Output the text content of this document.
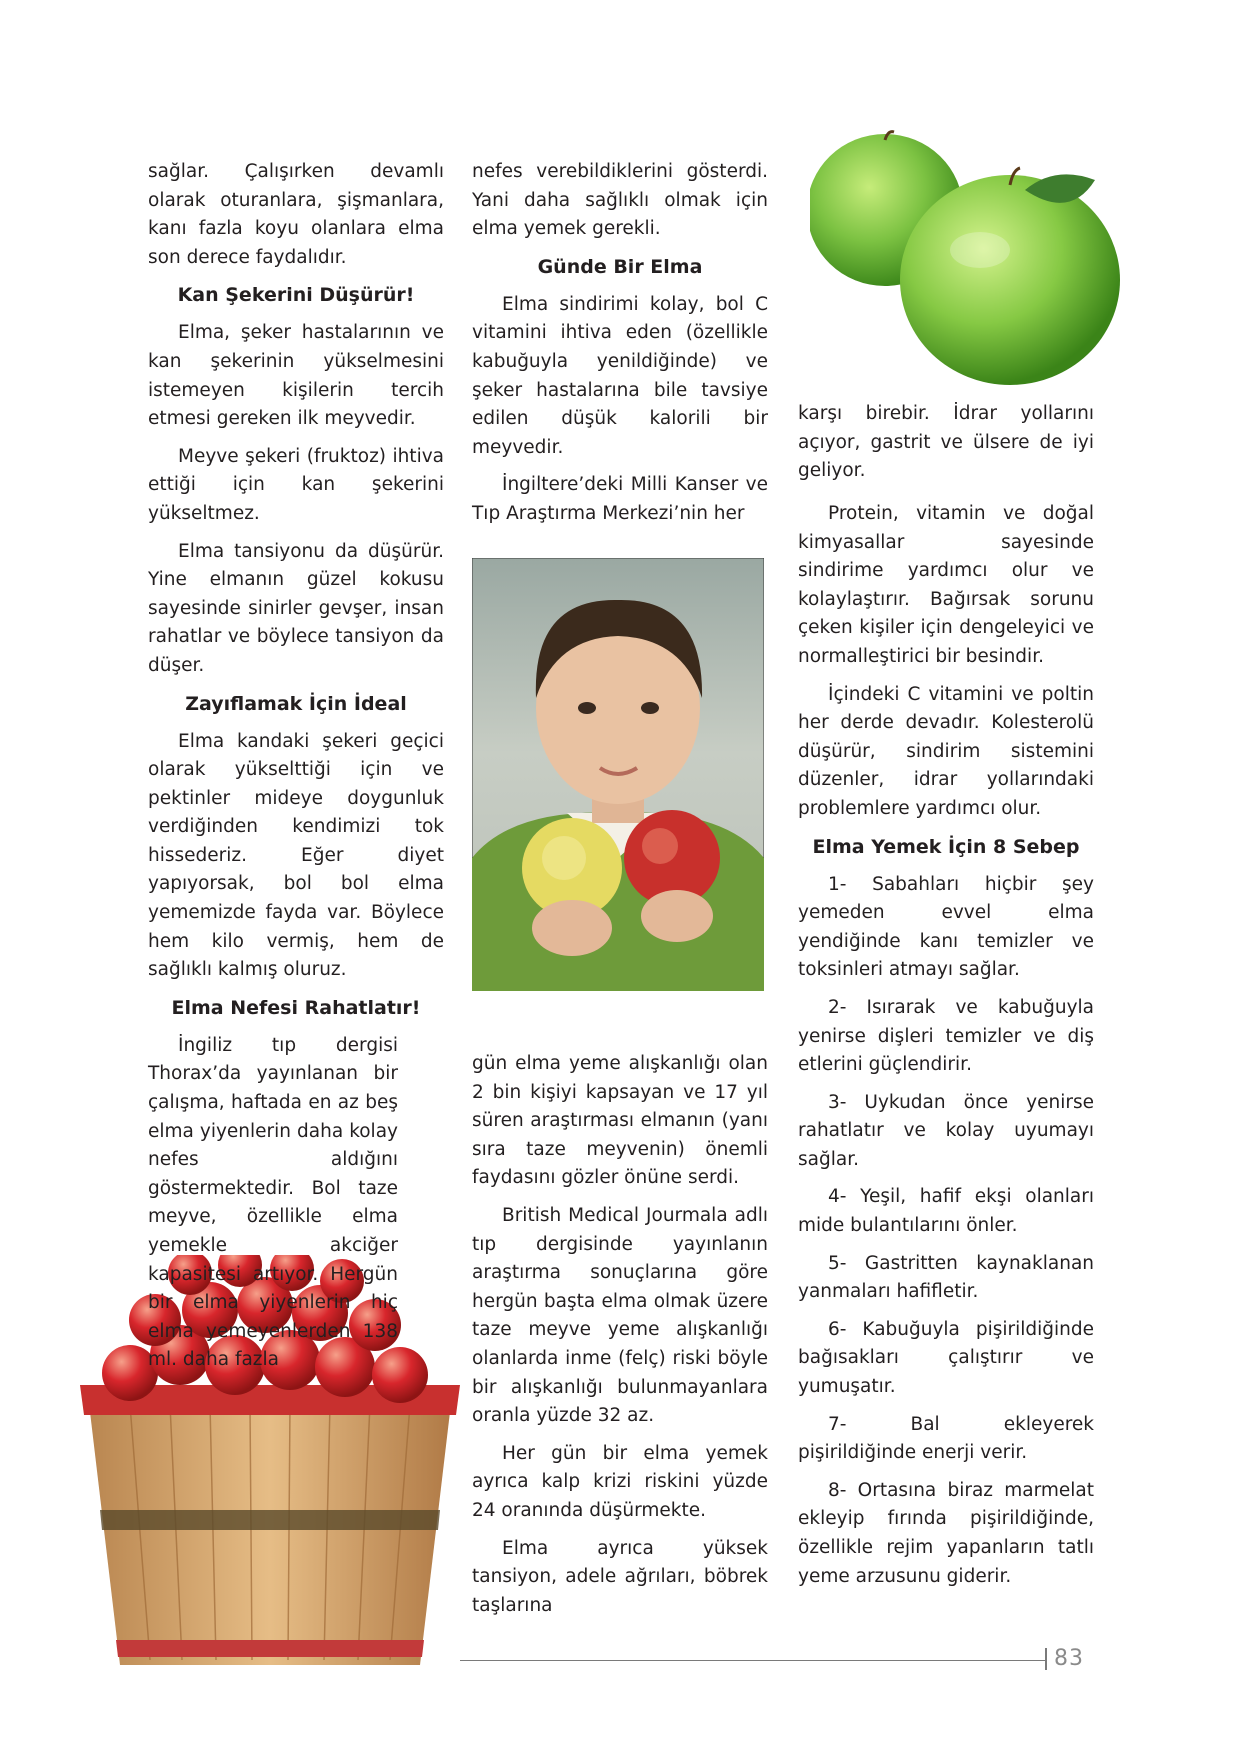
sağlar. Çalışırken devamlı olarak oturanlara, şişmanlara, kanı fazla koyu olanlara elma son derece faydalıdır.

Kan Şekerini Düşürür!

Elma, şeker hastalarının ve kan şekerinin yükselmesini istemeyen kişilerin tercih etmesi gereken ilk meyvedir.

Meyve şekeri (fruktoz) ihtiva ettiği için kan şekerini yükseltmez.

Elma tansiyonu da düşürür. Yine elmanın güzel kokusu sayesinde sinirler gevşer, insan rahatlar ve böylece tansiyon da düşer.

Zayıflamak İçin İdeal

Elma kandaki şekeri geçici olarak yükselttiği için ve pektinler mideye doygunluk verdiğinden kendimizi tok hissederiz. Eğer diyet yapıyorsak, bol bol elma yememizde fayda var. Böylece hem kilo vermiş, hem de sağlıklı kalmış oluruz.

Elma Nefesi Rahatlatır!

İngiliz tıp dergisi Thorax’da yayınlanan bir çalışma, haftada en az beş elma yiyenlerin daha kolay nefes aldığını göstermektedir. Bol taze meyve, özellikle elma yemekle akciğer kapasitesi artıyor. Hergün bir elma yiyenlerin hiç elma yemeyenlerden 138 ml. daha fazla

nefes verebildiklerini gösterdi. Yani daha sağlıklı olmak için elma yemek gerekli.

Günde Bir Elma

Elma sindirimi kolay, bol C vitamini ihtiva eden (özellikle kabuğuyla yenildiğinde) ve şeker hastalarına bile tavsiye edilen düşük kalorili bir meyvedir.

İngiltere’deki Milli Kanser ve Tıp Araştırma Merkezi’nin her

gün elma yeme alışkanlığı olan 2 bin kişiyi kapsayan ve 17 yıl süren araştırması elmanın (yanı sıra taze meyvenin) önemli faydasını gözler önüne serdi.

British Medical Jourmala adlı tıp dergisinde yayınlanın araştırma sonuçlarına göre hergün başta elma olmak üzere taze meyve yeme alışkanlığı olanlarda inme (felç) riski böyle bir alışkanlığı bulunmayanlara oranla yüzde 32 az.

Her gün bir elma yemek ayrıca kalp krizi riskini yüzde 24 oranında düşürmekte.

Elma ayrıca yüksek tansiyon, adele ağrıları, böbrek taşlarına

karşı birebir. İdrar yollarını açıyor, gastrit ve ülsere de iyi geliyor.

Protein, vitamin ve doğal kimyasallar sayesinde sindirime yardımcı olur ve kolaylaştırır. Bağırsak sorunu çeken kişiler için dengeleyici ve normalleştirici bir besindir.

İçindeki C vitamini ve poltin her derde devadır. Kolesterolü düşürür, sindirim sistemini düzenler, idrar yollarındaki problemlere yardımcı olur.

Elma Yemek İçin 8 Sebep

1- Sabahları hiçbir şey yemeden evvel elma yendiğinde kanı temizler ve toksinleri atmayı sağlar.

2- Isırarak ve kabuğuyla yenirse dişleri temizler ve diş etlerini güçlendirir.

3- Uykudan önce yenirse rahatlatır ve kolay uyumayı sağlar.

4- Yeşil, hafif ekşi olanları mide bulantılarını önler.

5- Gastritten kaynaklanan yanmaları hafifletir.

6- Kabuğuyla pişirildiğinde bağısakları çalıştırır ve yumuşatır.

7- Bal ekleyerek pişirildiğinde enerji verir.

8- Ortasına biraz marmelat ekleyip fırında pişirildiğinde, özellikle rejim yapanların tatlı yeme arzusunu giderir.

83
